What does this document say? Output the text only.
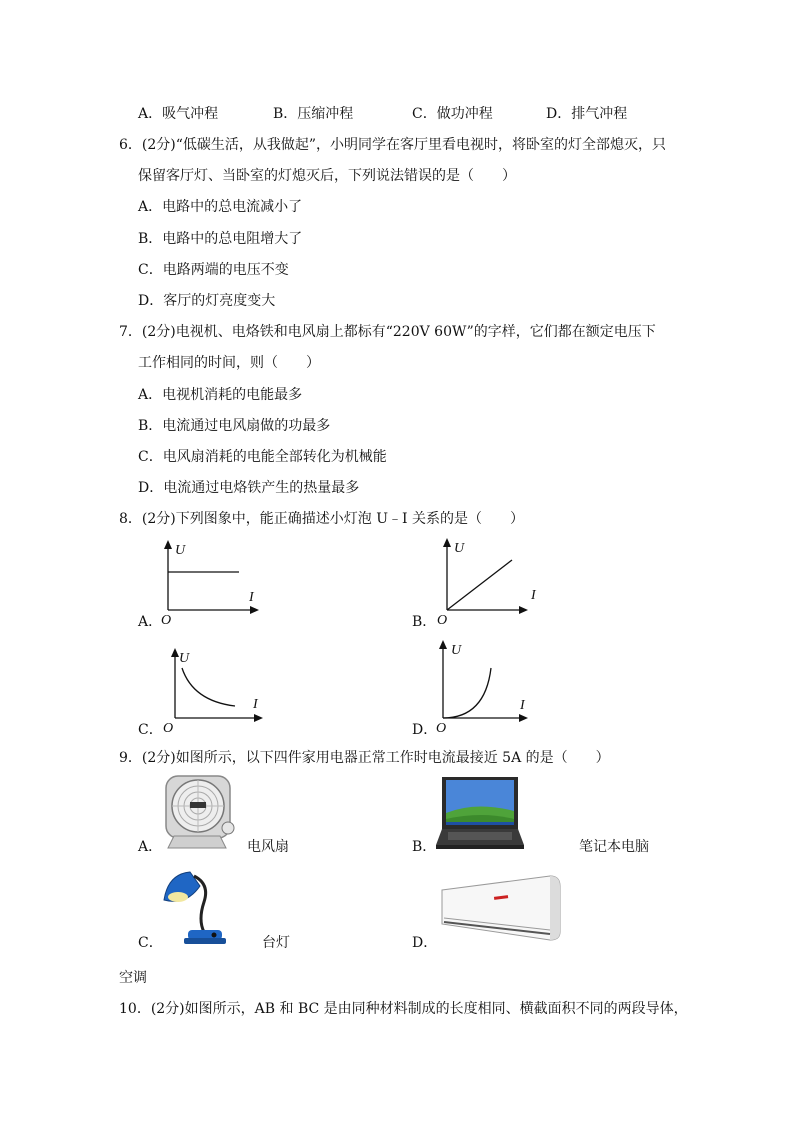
A．吸气冲程	B．压缩冲程	C．做功冲程	D．排气冲程
6．(2分)“低碳生活，从我做起”，小明同学在客厅里看电视时，将卧室的灯全部熄灭，只
保留客厅灯、当卧室的灯熄灭后，下列说法错误的是（　　）
A．电路中的总电流减小了
B．电路中的总电阻增大了
C．电路两端的电压不变
D．客厅的灯亮度变大
7．(2分)电视机、电烙铁和电风扇上都标有“220V 60W”的字样，它们都在额定电压下
工作相同的时间，则（　　）
A．电视机消耗的电能最多
B．电流通过电风扇做的功最多
C．电风扇消耗的电能全部转化为机械能
D．电流通过电烙铁产生的热量最多
8．(2分)下列图象中，能正确描述小灯泡 U﹣I 关系的是（　　）
A．
U
I
O	B．
U
I
O
C．
U
I
O	D．
U
I
O
9．(2分)如图所示，以下四件家用电器正常工作时电流最接近 5A 的是（　　）
A．	电风扇	B．	笔记本电脑
C．	台灯	D．
空调
10．(2分)如图所示，AB 和 BC 是由同种材料制成的长度相同、横截面积不同的两段导体，
